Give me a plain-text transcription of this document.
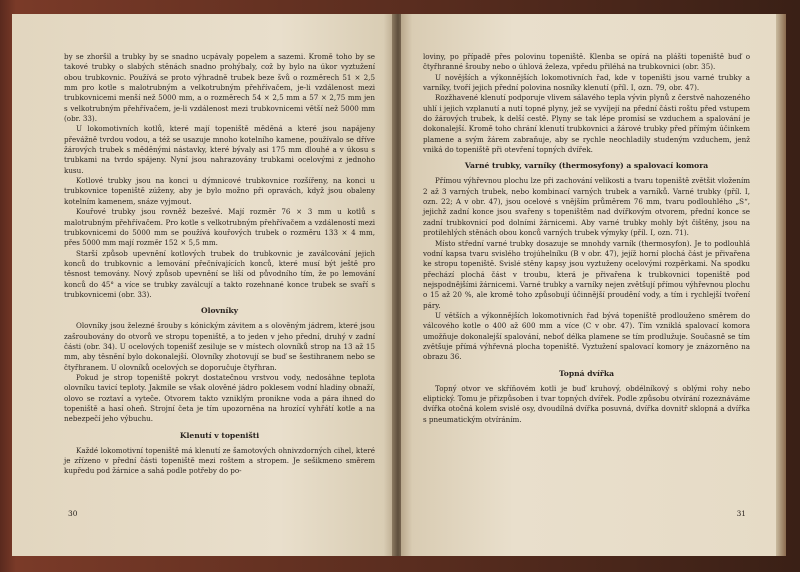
by se zhoršil a trubky by se snadno ucpávaly popelem a sazemi. Kromě toho by se takové trubky o slabých stěnách snadno prohýbaly, což by bylo na úkor vyztužení obou trubkovnic. Používá se proto výhradně trubek beze švů o rozměrech 51 × 2,5 mm pro kotle s malotrubným a velkotrubným přehřívačem, je-li vzdálenost mezi trubkovnicemi menší než 5000 mm, a o rozměrech 54 × 2,5 mm a 57 × 2,75 mm jen s velkotrubným přehřívačem, je-li vzdálenost mezi trubkovnicemi větší než 5000 mm (obr. 33).

U lokomotivních kotlů, které mají topeniště měděná a které jsou napájeny převážně tvrdou vodou, a též se usazuje mnoho kotelního kamene, používalo se dříve žárových trubek s měděnými nástavky, které bývaly asi 175 mm dlouhé a v úkosu s trubkami na tvrdo spájeny. Nyní jsou nahrazovány trubkami ocelovými z jednoho kusu.

Kotlové trubky jsou na konci u dýmnicové trubkovnice rozšířeny, na konci u trubkovnice topeniště zúženy, aby je bylo možno při opravách, když jsou obaleny kotelním kamenem, snáze vyjmout.

Kouřové trubky jsou rovněž bezešvé. Mají rozměr 76 × 3 mm u kotlů s malotrubným přehřívačem. Pro kotle s velkotrubným přehřívačem a vzdáleností mezi trubkovnicemi do 5000 mm se používá kouřových trubek o rozměru 133 × 4 mm, přes 5000 mm mají rozměr 152 × 5,5 mm.

Starší způsob upevnění kotlových trubek do trubkovnic je zaválcování jejich konců do trubkovnic a lemování přečnívajících konců, které musí být ještě pro těsnost temovány. Nový způsob upevnění se liší od původního tím, že po lemování konců do 45° a více se trubky zaválcují a takto rozehnané konce trubek se svaří s trubkovnicemi (obr. 33).

Olovníky

Olovníky jsou železné šrouby s kónickým závitem a s olověným jádrem, které jsou zašroubovány do otvorů ve stropu topeniště, a to jeden v jeho přední, druhý v zadní části (obr. 34). U ocelových topenišť zesiluje se v místech olovníků strop na 13 až 15 mm, aby těsnění bylo dokonalejší. Olovníky zhotovují se buď se šestihranem nebo se čtyřhranem. U olovníků ocelových se doporučuje čtyřhran.

Pokud je strop topeniště pokryt dostatečnou vrstvou vody, nedosáhne teplota olovníku tavicí teploty. Jakmile se však olověné jádro poklesem vodní hladiny obnaží, olovo se roztaví a vyteče. Otvorem takto vzniklým pronikne voda a pára ihned do topeniště a hasí oheň. Strojní četa je tím upozorněna na hrozící vyhřátí kotle a na nebezpečí jeho výbuchu.

Klenutí v topeništi

Každé lokomotivní topeniště má klenutí ze šamotových ohnivzdorných cihel, které je zřízeno v přední části topeniště mezi roštem a stropem. Je sešikmeno směrem kupředu pod žárnice a sahá podle potřeby do po-

30

loviny, po případě přes polovinu topeniště. Klenba se opírá na plášti topeniště buď o čtyřhranné šrouby nebo o úhlová železa, vpředu přiléhá na trubkovnici (obr. 35).

U novějších a výkonnějších lokomotivních řad, kde v topeništi jsou varné trubky a varníky, tvoří jejich přední polovina nosníky klenutí (příl. I, ozn. 79, obr. 47).

Rozžhavené klenutí podporuje vlivem sálavého tepla vývin plynů z čerstvě nahozeného uhlí i jejich vzplanutí a nutí topné plyny, jež se vyvíjejí na přední části roštu před vstupem do žárových trubek, k delší cestě. Plyny se tak lépe promísí se vzduchem a spalování je dokonalejší. Kromě toho chrání klenutí trubkovnici a žárové trubky před přímým účinkem plamene a svým žárem zabraňuje, aby se rychle neochladily studeným vzduchem, jenž vniká do topeniště při otevření topných dvířek.

Varné trubky, varníky (thermosyfony) a spalovací komora

Přímou výhřevnou plochu lze při zachování velikosti a tvaru topeniště zvětšit vložením 2 až 3 varných trubek, nebo kombinací varných trubek a varníků. Varné trubky (příl. I, ozn. 22; A v obr. 47), jsou ocelové s vnějším průměrem 76 mm, tvaru podlouhlého „S“, jejichž zadní konce jsou svařeny s topeništěm nad dvířkovým otvorem, přední konce se zadní trubkovnicí pod dolními žárnicemi. Aby varné trubky mohly být čištěny, jsou na protilehlých stěnách obou konců varných trubek výmyky (příl. I, ozn. 71).

Místo střední varné trubky dosazuje se mnohdy varník (thermosyfon). Je to podlouhlá vodní kapsa tvaru svislého trojúhelníku (B v obr. 47), jejíž horní plochá část je přivařena ke stropu topeniště. Svislé stěny kapsy jsou vyztuženy ocelovými rozpěrkami. Na spodku přechází plochá část v troubu, která je přivařena k trubkovnici topeniště pod nejspodnějšími žárnicemi. Varné trubky a varníky nejen zvětšují přímou výhřevnou plochu o 15 až 20 %, ale kromě toho způsobují účinnější proudění vody, a tím i rychlejší tvoření páry.

U větších a výkonnějších lokomotivních řad bývá topeniště prodlouženo směrem do válcového kotle o 400 až 600 mm a více (C v obr. 47). Tím vzniklá spalovací komora umožňuje dokonalejší spalování, neboť délka plamene se tím prodlužuje. Současně se tím zvětšuje přímá výhřevná plocha topeniště. Vyztužení spalovací komory je znázorněno na obrazu 36.

Topná dvířka

Topný otvor ve skříňovém kotli je buď kruhový, obdélníkový s oblými rohy nebo eliptický. Tomu je přizpůsoben i tvar topných dvířek. Podle způsobu otvírání rozeznáváme dvířka otočná kolem svislé osy, dvoudílná dvířka posuvná, dvířka dovnitř sklopná a dvířka s pneumatickým otvíráním.

31
